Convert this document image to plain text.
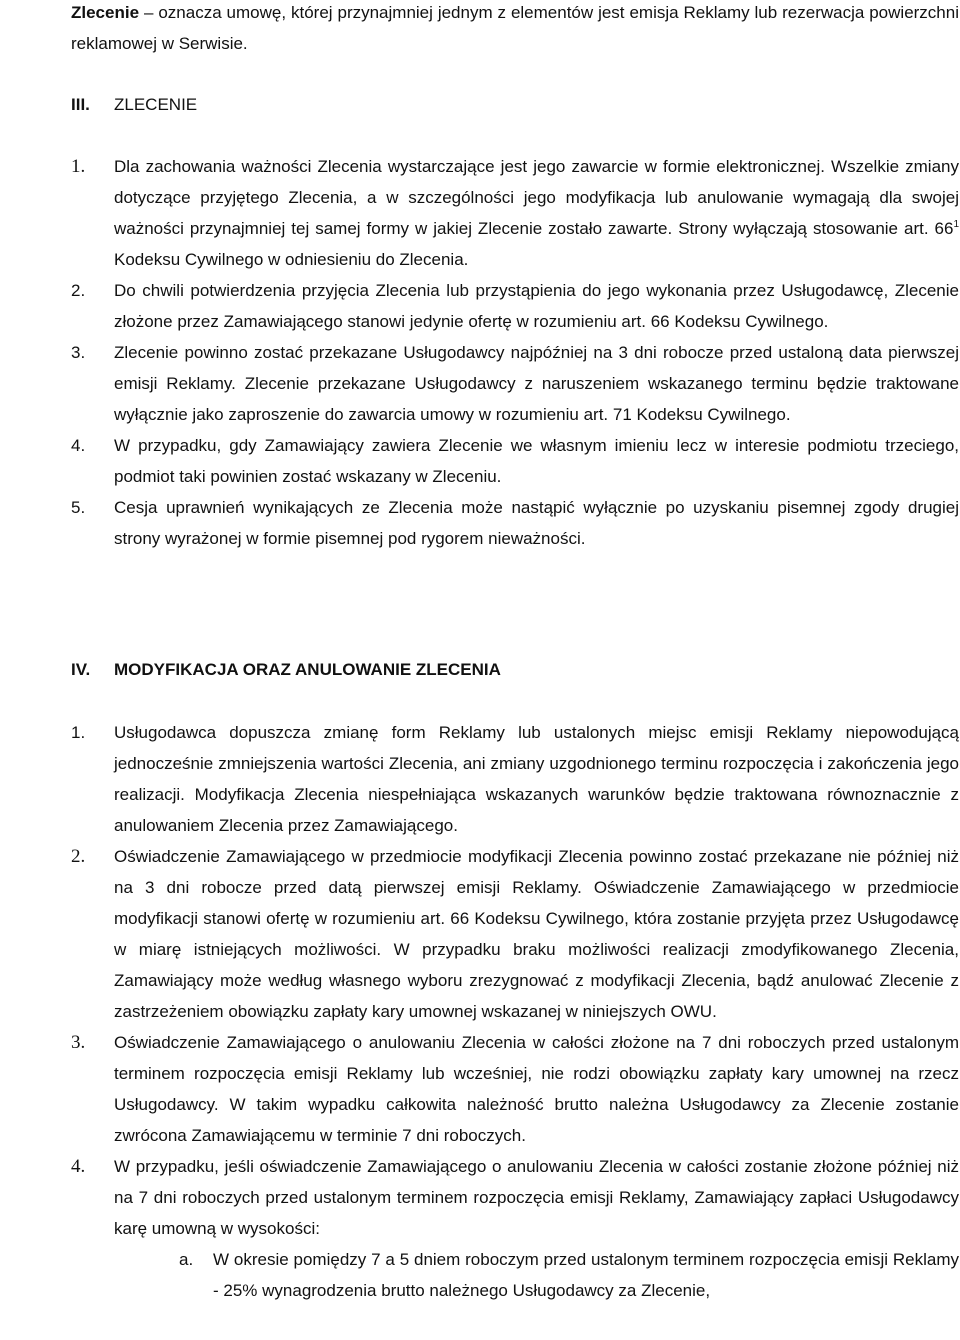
Zlecenie – oznacza umowę, której przynajmniej jednym z elementów jest emisja Reklamy lub rezerwacja powierzchni reklamowej w Serwisie.
III. ZLECENIE
1. Dla zachowania ważności Zlecenia wystarczające jest jego zawarcie w formie elektronicznej. Wszelkie zmiany dotyczące przyjętego Zlecenia, a w szczególności jego modyfikacja lub anulowanie wymagają dla swojej ważności przynajmniej tej samej formy w jakiej Zlecenie zostało zawarte. Strony wyłączają stosowanie art. $66^1$ Kodeksu Cywilnego w odniesieniu do Zlecenia.
2. Do chwili potwierdzenia przyjęcia Zlecenia lub przystąpienia do jego wykonania przez Usługodawcę, Zlecenie złożone przez Zamawiającego stanowi jedynie ofertę w rozumieniu art. 66 Kodeksu Cywilnego.
3. Zlecenie powinno zostać przekazane Usługodawcy najpóźniej na 3 dni robocze przed ustaloną data pierwszej emisji Reklamy. Zlecenie przekazane Usługodawcy z naruszeniem wskazanego terminu będzie traktowane wyłącznie jako zaproszenie do zawarcia umowy w rozumieniu art. 71 Kodeksu Cywilnego.
4. W przypadku, gdy Zamawiający zawiera Zlecenie we własnym imieniu lecz w interesie podmiotu trzeciego, podmiot taki powinien zostać wskazany w Zleceniu.
5. Cesja uprawnień wynikających ze Zlecenia może nastąpić wyłącznie po uzyskaniu pisemnej zgody drugiej strony wyrażonej w formie pisemnej pod rygorem nieważności.
IV. MODYFIKACJA ORAZ ANULOWANIE ZLECENIA
1. Usługodawca dopuszcza zmianę form Reklamy lub ustalonych miejsc emisji Reklamy niepowodującą jednocześnie zmniejszenia wartości Zlecenia, ani zmiany uzgodnionego terminu rozpoczęcia i zakończenia jego realizacji. Modyfikacja Zlecenia niespełniająca wskazanych warunków będzie traktowana równoznacznie z anulowaniem Zlecenia przez Zamawiającego.
2. Oświadczenie Zamawiającego w przedmiocie modyfikacji Zlecenia powinno zostać przekazane nie później niż na 3 dni robocze przed datą pierwszej emisji Reklamy. Oświadczenie Zamawiającego w przedmiocie modyfikacji stanowi ofertę w rozumieniu art. 66 Kodeksu Cywilnego, która zostanie przyjęta przez Usługodawcę w miarę istniejących możliwości. W przypadku braku możliwości realizacji zmodyfikowanego Zlecenia, Zamawiający może według własnego wyboru zrezygnować z modyfikacji Zlecenia, bądź anulować Zlecenie z zastrzeżeniem obowiązku zapłaty kary umownej wskazanej w niniejszych OWU.
3. Oświadczenie Zamawiającego o anulowaniu Zlecenia w całości złożone na 7 dni roboczych przed ustalonym terminem rozpoczęcia emisji Reklamy lub wcześniej, nie rodzi obowiązku zapłaty kary umownej na rzecz Usługodawcy. W takim wypadku całkowita należność brutto należna Usługodawcy za Zlecenie zostanie zwrócona Zamawiającemu w terminie 7 dni roboczych.
4. W przypadku, jeśli oświadczenie Zamawiającego o anulowaniu Zlecenia w całości zostanie złożone później niż na 7 dni roboczych przed ustalonym terminem rozpoczęcia emisji Reklamy, Zamawiający zapłaci Usługodawcy karę umowną w wysokości:
a. W okresie pomiędzy 7 a 5 dniem roboczym przed ustalonym terminem rozpoczęcia emisji Reklamy - 25% wynagrodzenia brutto należnego Usługodawcy za Zlecenie,
